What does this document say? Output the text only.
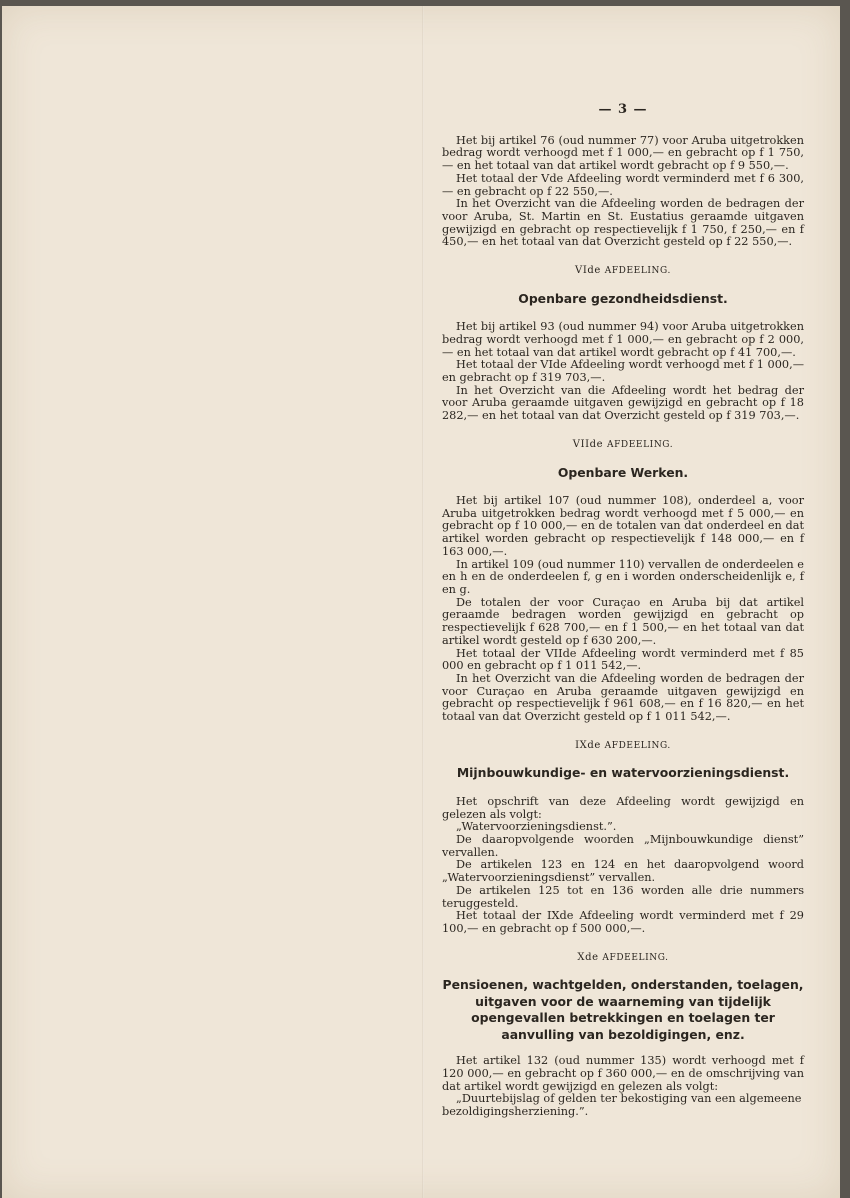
— 3 —

Het bij artikel 76 (oud nummer 77) voor Aruba uitgetrokken bedrag wordt verhoogd met f 1 000,— en gebracht op f 1 750,— en het totaal van dat artikel wordt gebracht op f 9 550,—.

Het totaal der Vde Afdeeling wordt verminderd met f 6 300,— en gebracht op f 22 550,—.

In het Overzicht van die Afdeeling worden de bedragen der voor Aruba, St. Martin en St. Eustatius geraamde uitgaven gewijzigd en gebracht op respectievelijk f 1 750, f 250,— en f 450,— en het totaal van dat Overzicht gesteld op f 22 550,—.

VIde AFDEELING.
Openbare gezondheidsdienst.

Het bij artikel 93 (oud nummer 94) voor Aruba uitgetrokken bedrag wordt verhoogd met f 1 000,— en gebracht op f 2 000,— en het totaal van dat artikel wordt gebracht op f 41 700,—.

Het totaal der VIde Afdeeling wordt verhoogd met f 1 000,— en gebracht op f 319 703,—.

In het Overzicht van die Afdeeling wordt het bedrag der voor Aruba geraamde uitgaven gewijzigd en gebracht op f 18 282,— en het totaal van dat Overzicht gesteld op f 319 703,—.

VIIde AFDEELING.
Openbare Werken.

Het bij artikel 107 (oud nummer 108), onderdeel a, voor Aruba uitgetrokken bedrag wordt verhoogd met f 5 000,— en gebracht op f 10 000,— en de totalen van dat onderdeel en dat artikel worden gebracht op respectievelijk f 148 000,— en f 163 000,—.

In artikel 109 (oud nummer 110) vervallen de onderdeelen e en h en de onderdeelen f, g en i worden onderscheidenlijk e, f en g.

De totalen der voor Curaçao en Aruba bij dat artikel geraamde bedragen worden gewijzigd en gebracht op respectievelijk f 628 700,— en f 1 500,— en het totaal van dat artikel wordt gesteld op f 630 200,—.

Het totaal der VIIde Afdeeling wordt verminderd met f 85 000 en gebracht op f 1 011 542,—.

In het Overzicht van die Afdeeling worden de bedragen der voor Curaçao en Aruba geraamde uitgaven gewijzigd en gebracht op respectievelijk f 961 608,— en f 16 820,— en het totaal van dat Overzicht gesteld op f 1 011 542,—.

IXde AFDEELING.
Mijnbouwkundige- en watervoorzieningsdienst.

Het opschrift van deze Afdeeling wordt gewijzigd en gelezen als volgt:

„Watervoorzieningsdienst.”.

De daaropvolgende woorden „Mijnbouwkundige dienst” vervallen.

De artikelen 123 en 124 en het daaropvolgend woord „Watervoorzieningsdienst” vervallen.

De artikelen 125 tot en 136 worden alle drie nummers teruggesteld.

Het totaal der IXde Afdeeling wordt verminderd met f 29 100,— en gebracht op f 500 000,—.

Xde AFDEELING.
Pensioenen, wachtgelden, onderstanden, toelagen, uitgaven voor de waarneming van tijdelijk opengevallen betrekkingen en toelagen ter aanvulling van bezoldigingen, enz.

Het artikel 132 (oud nummer 135) wordt verhoogd met f 120 000,— en gebracht op f 360 000,— en de omschrijving van dat artikel wordt gewijzigd en gelezen als volgt:

„Duurtebijslag of gelden ter bekostiging van een algemeene bezoldigingsherziening.”.
